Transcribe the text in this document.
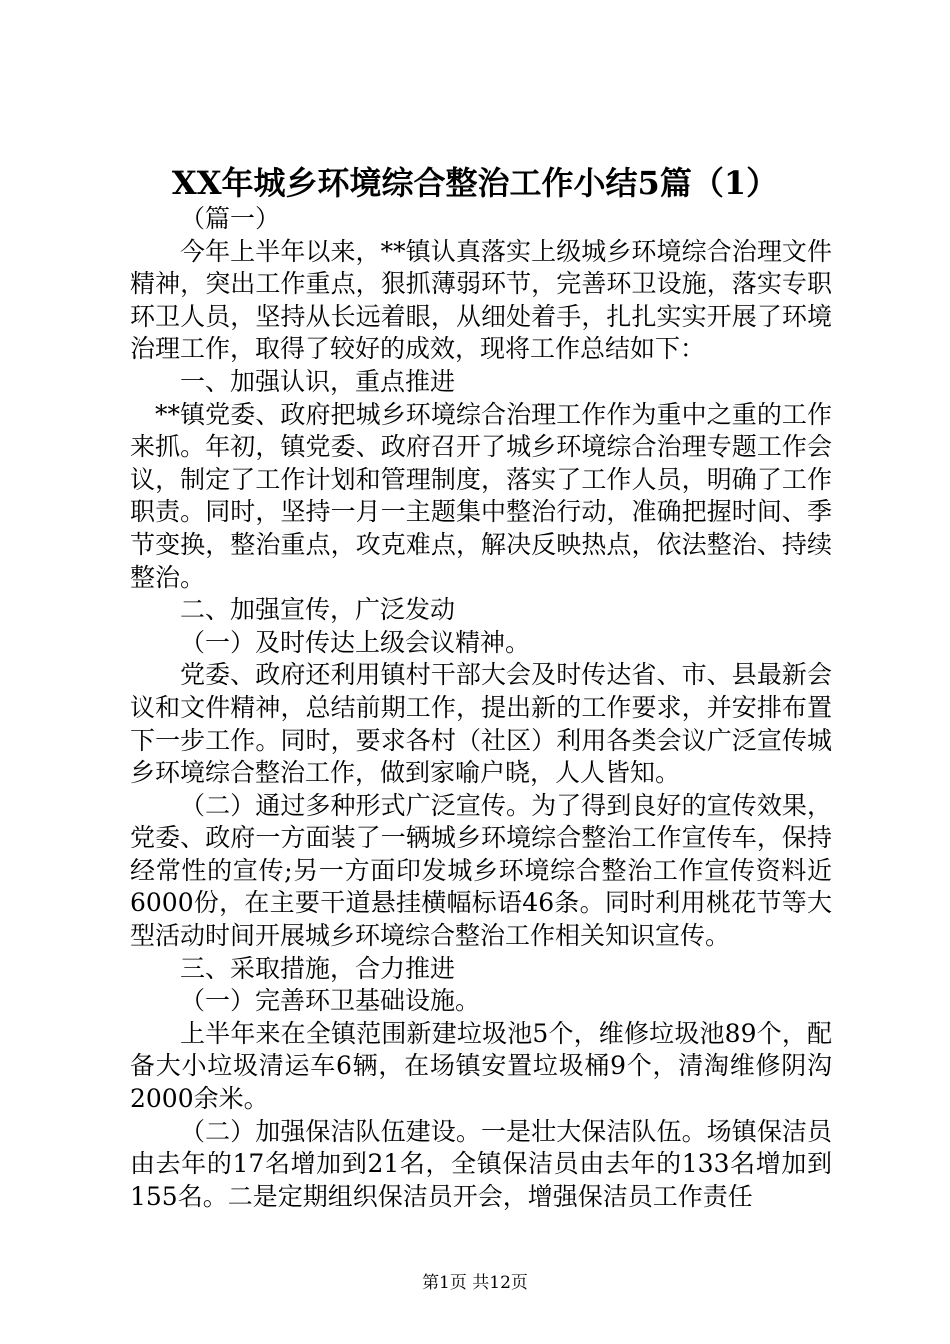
XX年城乡环境综合整治工作小结5篇（1）

（篇一）

今年上半年以来，**镇认真落实上级城乡环境综合治理文件精神，突出工作重点，狠抓薄弱环节，完善环卫设施，落实专职环卫人员，坚持从长远着眼，从细处着手，扎扎实实开展了环境治理工作，取得了较好的成效，现将工作总结如下：

一、加强认识，重点推进

**镇党委、政府把城乡环境综合治理工作作为重中之重的工作来抓。年初，镇党委、政府召开了城乡环境综合治理专题工作会议，制定了工作计划和管理制度，落实了工作人员，明确了工作职责。同时，坚持一月一主题集中整治行动，准确把握时间、季节变换，整治重点，攻克难点，解决反映热点，依法整治、持续整治。

二、加强宣传，广泛发动

（一）及时传达上级会议精神。

党委、政府还利用镇村干部大会及时传达省、市、县最新会议和文件精神，总结前期工作，提出新的工作要求，并安排布置下一步工作。同时，要求各村（社区）利用各类会议广泛宣传城乡环境综合整治工作，做到家喻户晓，人人皆知。

（二）通过多种形式广泛宣传。为了得到良好的宣传效果，党委、政府一方面装了一辆城乡环境综合整治工作宣传车，保持经常性的宣传;另一方面印发城乡环境综合整治工作宣传资料近6000份，在主要干道悬挂横幅标语46条。同时利用桃花节等大型活动时间开展城乡环境综合整治工作相关知识宣传。

三、采取措施，合力推进

（一）完善环卫基础设施。

上半年来在全镇范围新建垃圾池5个，维修垃圾池89个，配备大小垃圾清运车6辆，在场镇安置垃圾桶9个，清淘维修阴沟2000余米。

（二）加强保洁队伍建设。一是壮大保洁队伍。场镇保洁员由去年的17名增加到21名，全镇保洁员由去年的133名增加到155名。二是定期组织保洁员开会，增强保洁员工作责任

第1页 共12页
